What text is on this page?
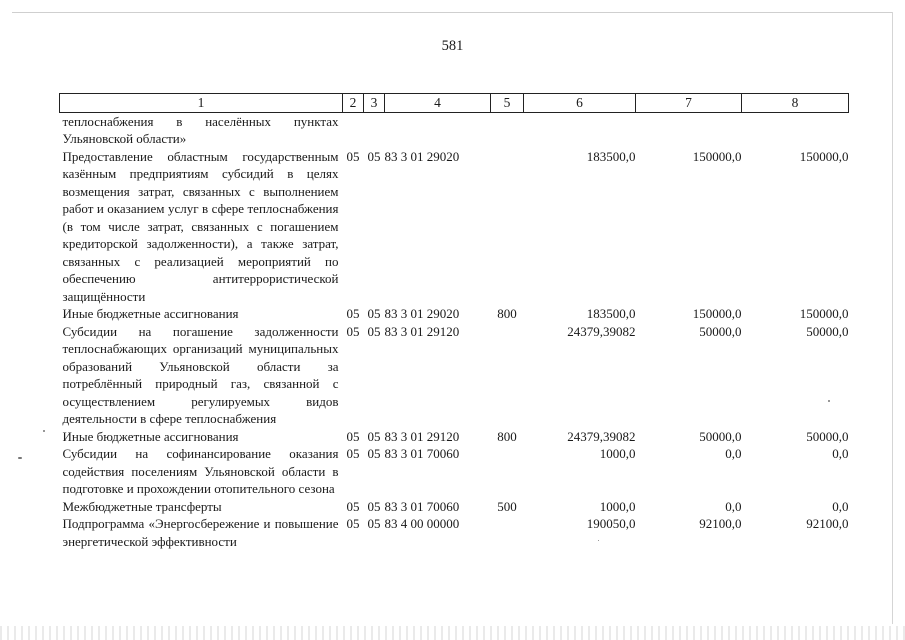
581
1	2	3	4	5	6	7	8
теплоснабжения в населённых пунктах Ульяновской области»							
Предоставление областным государственным казённым предприятиям субсидий в целях возмещения затрат, связанных с выполнением работ и оказанием услуг в сфере теплоснабжения (в том числе затрат, связанных с погашением кредиторской задолженности), а также затрат, связанных с реализацией мероприятий по обеспечению антитеррористической защищённости	05	05	83 3 01 29020		183500,0	150000,0	150000,0
Иные бюджетные ассигнования	05	05	83 3 01 29020	800	183500,0	150000,0	150000,0
Субсидии на погашение задолженности теплоснабжающих организаций муниципальных образований Ульяновской области за потреблённый природный газ, связанной с осуществлением регулируемых видов деятельности в сфере теплоснабжения	05	05	83 3 01 29120		24379,39082	50000,0	50000,0
Иные бюджетные ассигнования	05	05	83 3 01 29120	800	24379,39082	50000,0	50000,0
Субсидии на софинансирование оказания содействия поселениям Ульяновской области в подготовке и прохождении отопительного сезона	05	05	83 3 01 70060		1000,0	0,0	0,0
Межбюджетные трансферты	05	05	83 3 01 70060	500	1000,0	0,0	0,0
Подпрограмма «Энергосбережение и повышение энергетической эффективности	05	05	83 4 00 00000		190050,0	92100,0	92100,0
